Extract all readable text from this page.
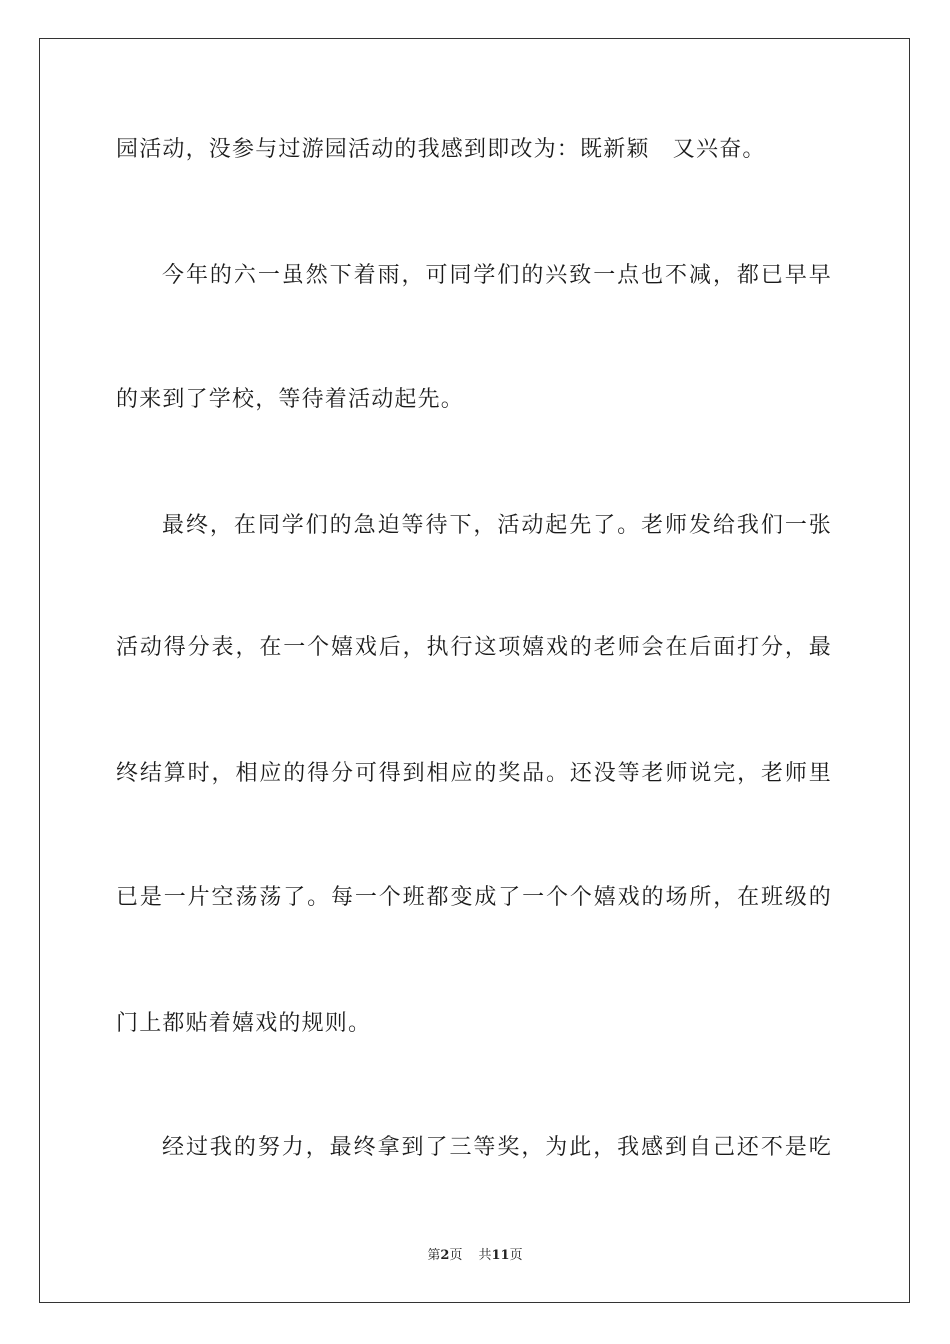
园活动，没参与过游园活动的我感到即改为：既新颖　又兴奋。
今年的六一虽然下着雨，可同学们的兴致一点也不减，都已早早
的来到了学校，等待着活动起先。
最终，在同学们的急迫等待下，活动起先了。老师发给我们一张
活动得分表，在一个嬉戏后，执行这项嬉戏的老师会在后面打分，最
终结算时，相应的得分可得到相应的奖品。还没等老师说完，老师里
已是一片空荡荡了。每一个班都变成了一个个嬉戏的场所，在班级的
门上都贴着嬉戏的规则。
经过我的努力，最终拿到了三等奖，为此，我感到自己还不是吃
第2页 共11页
